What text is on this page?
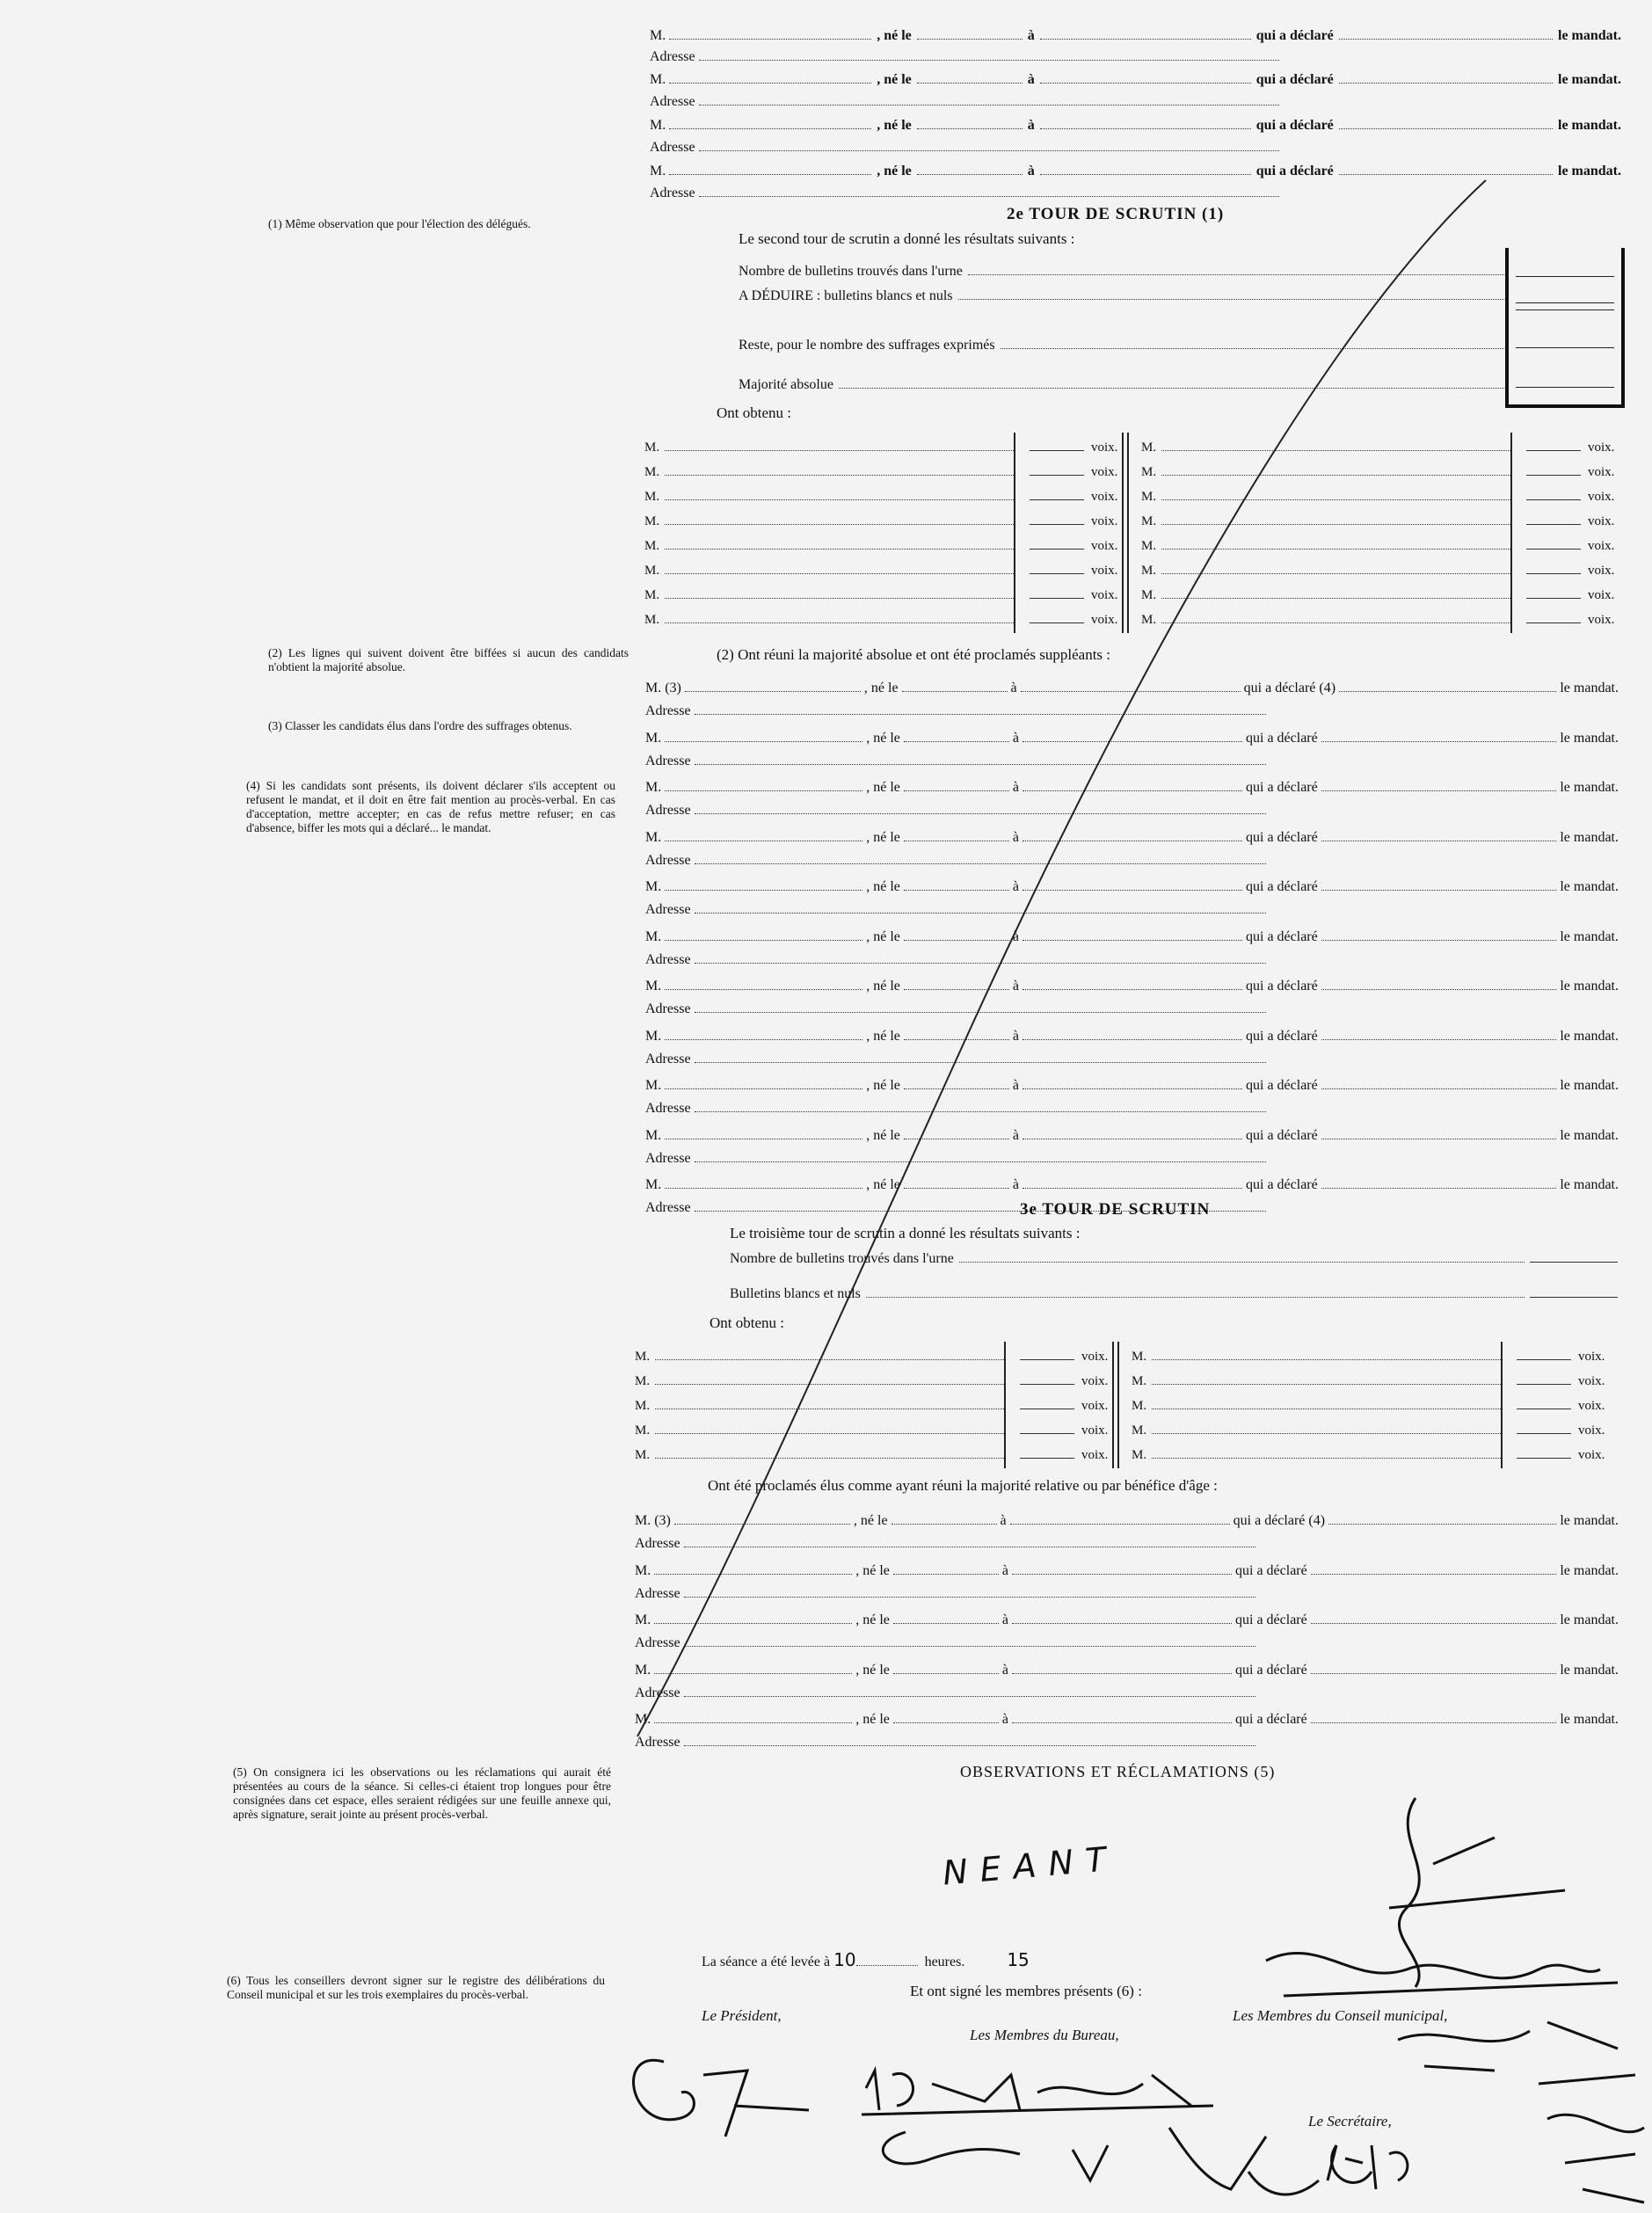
(1) Même observation que pour l'élection des délégués.
(2) Les lignes qui suivent doivent être biffées si aucun des candidats n'obtient la majorité absolue.
(3) Classer les candidats élus dans l'ordre des suffrages obtenus.
(4) Si les candidats sont présents, ils doivent déclarer s'ils acceptent ou refusent le mandat, et il doit en être fait mention au procès-verbal. En cas d'acceptation, mettre accepter; en cas de refus mettre refuser; en cas d'absence, biffer les mots qui a déclaré... le mandat.
(5) On consignera ici les observations ou les réclamations qui aurait été présentées au cours de la séance. Si celles-ci étaient trop longues pour être consignées dans cet espace, elles seraient rédigées sur une feuille annexe qui, après signature, serait jointe au présent procès-verbal.
(6) Tous les conseillers devront signer sur le registre des délibérations du Conseil municipal et sur les trois exemplaires du procès-verbal.
M.	, né le	à	qui a déclaré	le mandat.
Adresse
M.	, né le	à	qui a déclaré	le mandat.
Adresse
M.	, né le	à	qui a déclaré	le mandat.
Adresse
M.	, né le	à	qui a déclaré	le mandat.
Adresse
2e TOUR DE SCRUTIN (1)
Le second tour de scrutin a donné les résultats suivants :
Nombre de bulletins trouvés dans l'urne
A DÉDUIRE : bulletins blancs et nuls
Reste, pour le nombre des suffrages exprimés
Majorité absolue
Ont obtenu :
M.	voix.
M.	voix.
M.	voix.
M.	voix.
M.	voix.
M.	voix.
M.	voix.
M.	voix.
M.	voix.
M.	voix.
M.	voix.
M.	voix.
M.	voix.
M.	voix.
M.	voix.
M.	voix.
(2) Ont réuni la majorité absolue et ont été proclamés suppléants :
M. (3)	, né le	à	qui a déclaré (4)	le mandat.
Adresse
M.	, né le	à	qui a déclaré	le mandat.
Adresse
M.	, né le	à	qui a déclaré	le mandat.
Adresse
M.	, né le	à	qui a déclaré	le mandat.
Adresse
M.	, né le	à	qui a déclaré	le mandat.
Adresse
M.	, né le	à	qui a déclaré	le mandat.
Adresse
M.	, né le	à	qui a déclaré	le mandat.
Adresse
M.	, né le	à	qui a déclaré	le mandat.
Adresse
M.	, né le	à	qui a déclaré	le mandat.
Adresse
M.	, né le	à	qui a déclaré	le mandat.
Adresse
M.	, né le	à	qui a déclaré	le mandat.
Adresse	3e TOUR DE SCRUTIN
Le troisième tour de scrutin a donné les résultats suivants :
Nombre de bulletins trouvés dans l'urne
Bulletins blancs et nuls
Ont obtenu :
M.	voix.
M.	voix.
M.	voix.
M.	voix.
M.	voix.
M.	voix.
M.	voix.
M.	voix.
M.	voix.
M.	voix.
Ont été proclamés élus comme ayant réuni la majorité relative ou par bénéfice d'âge :
M. (3)	, né le	à	qui a déclaré (4)	le mandat.
Adresse
M.	, né le	à	qui a déclaré	le mandat.
Adresse
M.	, né le	à	qui a déclaré	le mandat.
Adresse
M.	, né le	à	qui a déclaré	le mandat.
Adresse
M.	, né le	à	qui a déclaré	le mandat.
Adresse
OBSERVATIONS ET RÉCLAMATIONS (5)
NEANT
La séance a été levée à 10	heures.	15
Et ont signé les membres présents (6) :
Le Président,
Les Membres du Bureau,
Les Membres du Conseil municipal,
Le Secrétaire,
